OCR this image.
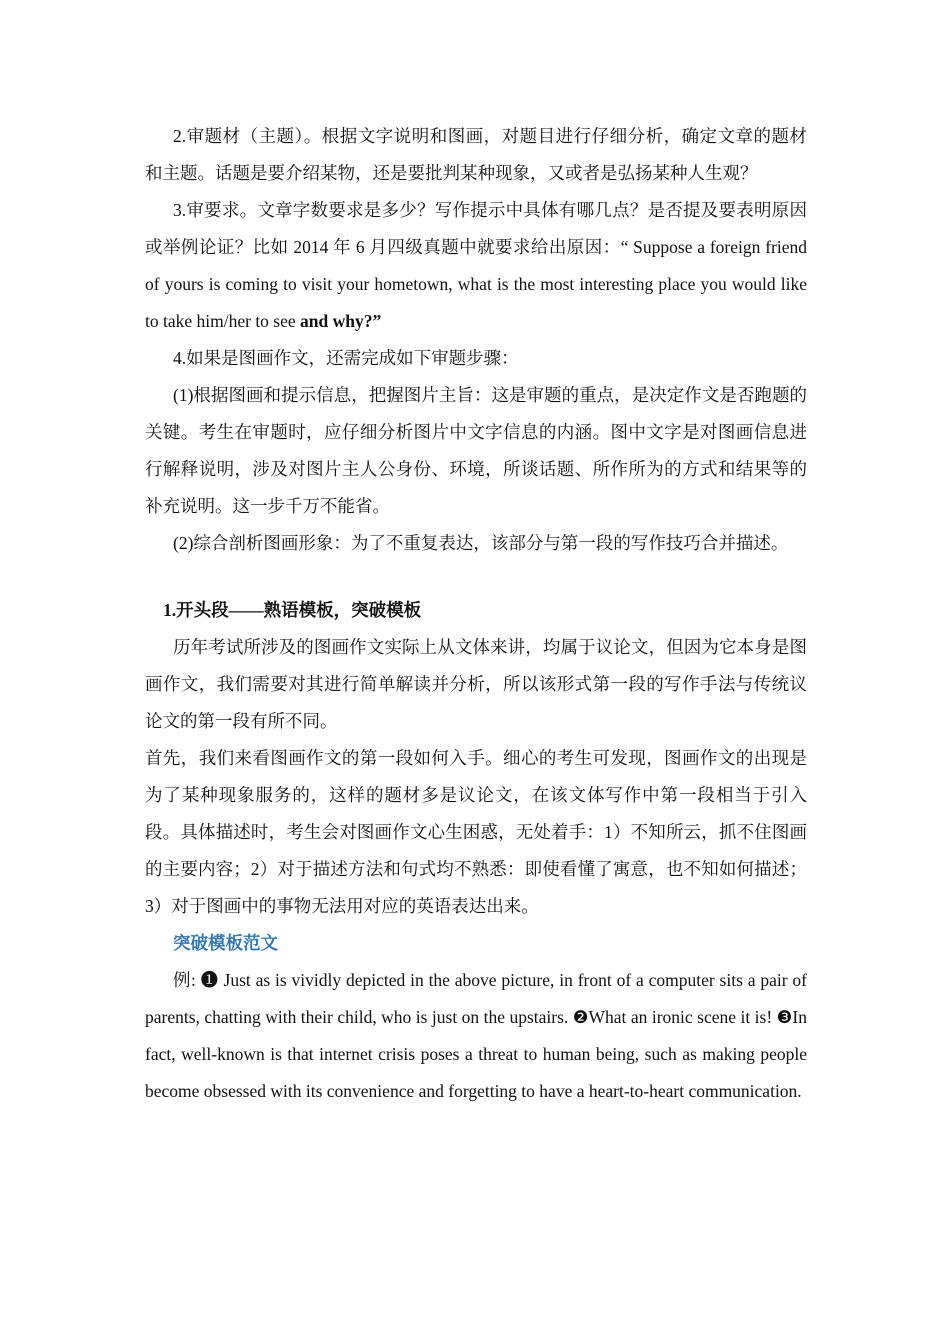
2.审题材（主题）。根据文字说明和图画，对题目进行仔细分析，确定文章的题材和主题。话题是要介绍某物，还是要批判某种现象，又或者是弘扬某种人生观？

3.审要求。文章字数要求是多少？写作提示中具体有哪几点？是否提及要表明原因或举例论证？比如 2014 年 6 月四级真题中就要求给出原因：“ Suppose a foreign friend of yours is coming to visit your hometown, what is the most interesting place you would like to take him/her to see and why?”

4.如果是图画作文，还需完成如下审题步骤：

(1)根据图画和提示信息，把握图片主旨：这是审题的重点，是决定作文是否跑题的关键。考生在审题时，应仔细分析图片中文字信息的内涵。图中文字是对图画信息进行解释说明，涉及对图片主人公身份、环境，所谈话题、所作所为的方式和结果等的补充说明。这一步千万不能省。

(2)综合剖析图画形象：为了不重复表达，该部分与第一段的写作技巧合并描述。

1.开头段——熟语模板，突破模板

历年考试所涉及的图画作文实际上从文体来讲，均属于议论文，但因为它本身是图画作文，我们需要对其进行简单解读并分析，所以该形式第一段的写作手法与传统议论文的第一段有所不同。

首先，我们来看图画作文的第一段如何入手。细心的考生可发现，图画作文的出现是为了某种现象服务的，这样的题材多是议论文，在该文体写作中第一段相当于引入段。具体描述时，考生会对图画作文心生困惑，无处着手：1）不知所云，抓不住图画的主要内容；2）对于描述方法和句式均不熟悉：即使看懂了寓意，也不知如何描述；3）对于图画中的事物无法用对应的英语表达出来。

突破模板范文

例: ❶ Just as is vividly depicted in the above picture, in front of a computer sits a pair of parents, chatting with their child, who is just on the upstairs. ❷What an ironic scene it is! ❸In fact, well-known is that internet crisis poses a threat to human being, such as making people become obsessed with its convenience and forgetting to have a heart-to-heart communication.
